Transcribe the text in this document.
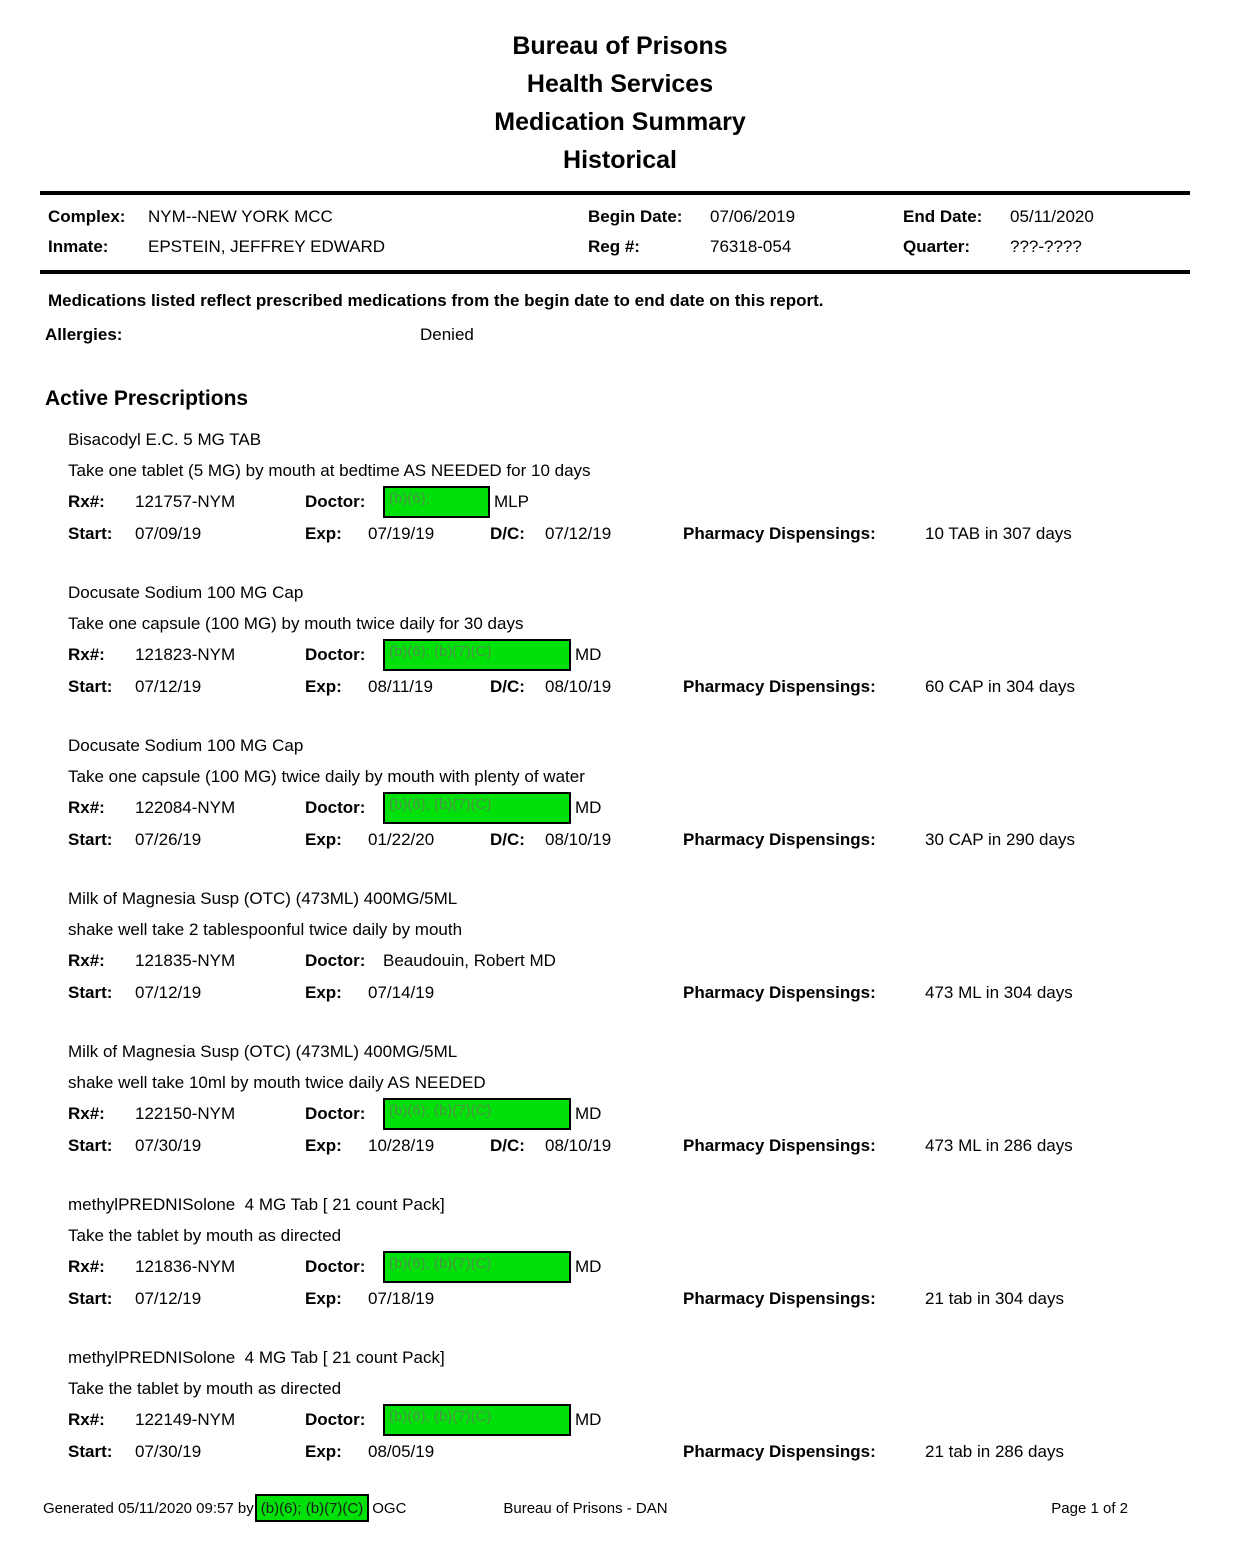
Bureau of Prisons
Health Services
Medication Summary
Historical
Complex:	NYM--NEW YORK MCC	Begin Date:	07/06/2019	End Date:	05/11/2020
Inmate:	EPSTEIN, JEFFREY EDWARD	Reg #:	76318-054	Quarter:	???-????

Medications listed reflect prescribed medications from the begin date to end date on this report.

Allergies:	Denied
Active Prescriptions
Bisacodyl E.C. 5 MG TAB
Take one tablet (5 MG) by mouth at bedtime AS NEEDED for 10 days
Rx#:	121757-NYM	Doctor:	(b)(6);	MLP
Start:	07/09/19	Exp:	07/19/19	D/C:	07/12/19	Pharmacy Dispensings:	10 TAB in 307 days
Docusate Sodium 100 MG Cap
Take one capsule (100 MG) by mouth twice daily for 30 days
Rx#:	121823-NYM	Doctor:	(b)(6); (b)(7)(C)	MD
Start:	07/12/19	Exp:	08/11/19	D/C:	08/10/19	Pharmacy Dispensings:	60 CAP in 304 days
Docusate Sodium 100 MG Cap
Take one capsule (100 MG) twice daily by mouth with plenty of water
Rx#:	122084-NYM	Doctor:	(b)(6); (b)(7)(C)	MD
Start:	07/26/19	Exp:	01/22/20	D/C:	08/10/19	Pharmacy Dispensings:	30 CAP in 290 days
Milk of Magnesia Susp (OTC) (473ML) 400MG/5ML
shake well take 2 tablespoonful twice daily by mouth
Rx#:	121835-NYM	Doctor:	Beaudouin, Robert MD
Start:	07/12/19	Exp:	07/14/19	Pharmacy Dispensings:	473 ML in 304 days
Milk of Magnesia Susp (OTC) (473ML) 400MG/5ML
shake well take 10ml by mouth twice daily AS NEEDED
Rx#:	122150-NYM	Doctor:	(b)(6); (b)(7)(C)	MD
Start:	07/30/19	Exp:	10/28/19	D/C:	08/10/19	Pharmacy Dispensings:	473 ML in 286 days
methylPREDNISolone  4 MG Tab [ 21 count Pack]
Take the tablet by mouth as directed
Rx#:	121836-NYM	Doctor:	(b)(6); (b)(7)(C)	MD
Start:	07/12/19	Exp:	07/18/19	Pharmacy Dispensings:	21 tab in 304 days
methylPREDNISolone  4 MG Tab [ 21 count Pack]
Take the tablet by mouth as directed
Rx#:	122149-NYM	Doctor:	(b)(6); (b)(7)(C)	MD
Start:	07/30/19	Exp:	08/05/19	Pharmacy Dispensings:	21 tab in 286 days
Generated 05/11/2020 09:57 by (b)(6); (b)(7)(C) OGC	Bureau of Prisons - DAN	Page 1 of 2
